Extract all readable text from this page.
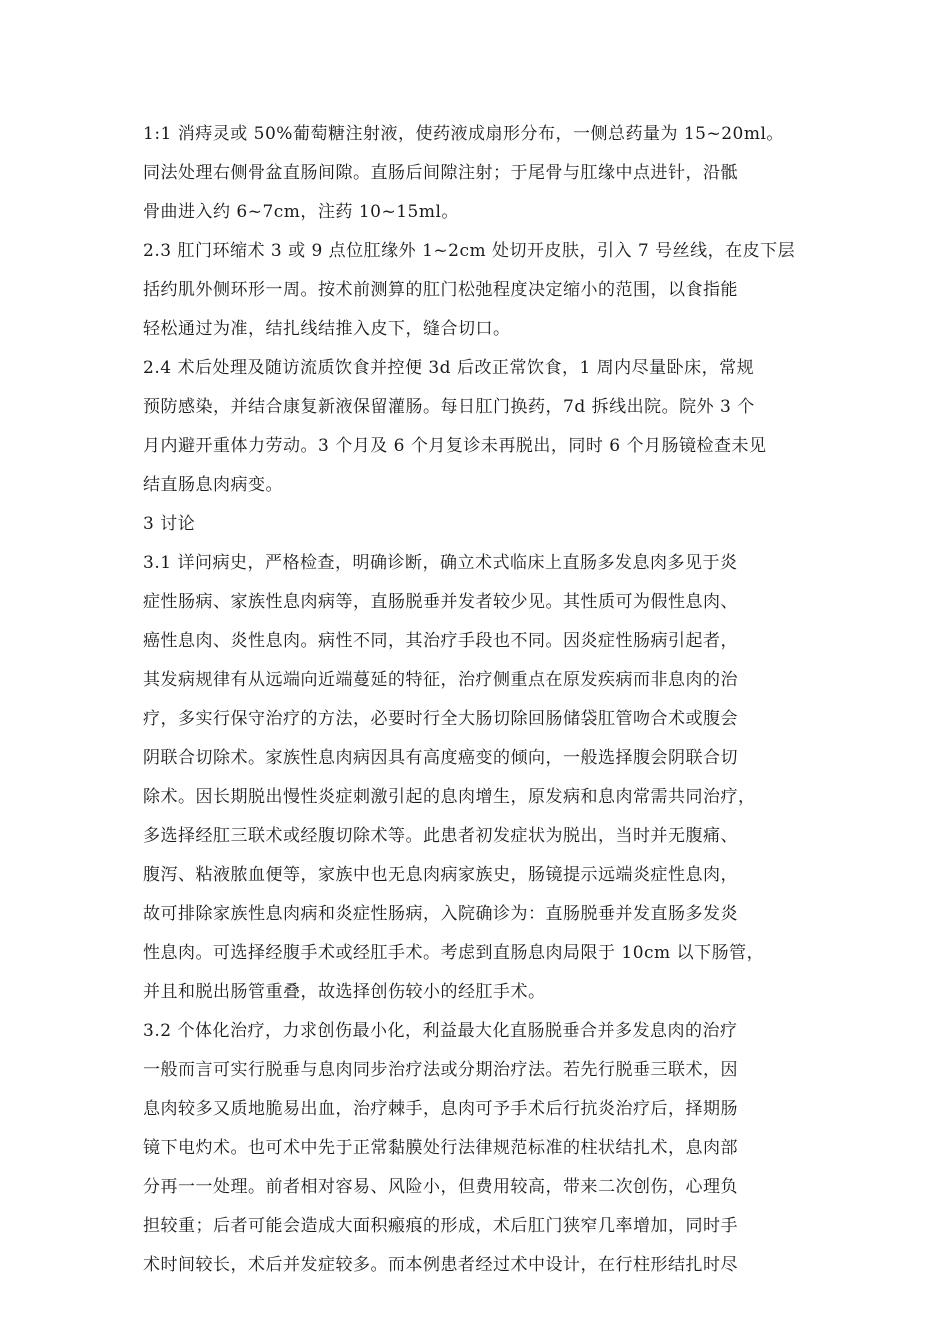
1:1 消痔灵或 50%葡萄糖注射液，使药液成扇形分布，一侧总药量为 15~20ml。
同法处理右侧骨盆直肠间隙。直肠后间隙注射；于尾骨与肛缘中点进针，沿骶
骨曲进入约 6~7cm，注药 10~15ml。
2.3 肛门环缩术 3 或 9 点位肛缘外 1~2cm 处切开皮肤，引入 7 号丝线，在皮下层
括约肌外侧环形一周。按术前测算的肛门松弛程度决定缩小的范围，以食指能
轻松通过为准，结扎线结推入皮下，缝合切口。
2.4 术后处理及随访流质饮食并控便 3d 后改正常饮食，1 周内尽量卧床，常规
预防感染，并结合康复新液保留灌肠。每日肛门换药，7d 拆线出院。院外 3 个
月内避开重体力劳动。3 个月及 6 个月复诊未再脱出，同时 6 个月肠镜检查未见
结直肠息肉病变。
3 讨论
3.1 详问病史，严格检查，明确诊断，确立术式临床上直肠多发息肉多见于炎
症性肠病、家族性息肉病等，直肠脱垂并发者较少见。其性质可为假性息肉、
癌性息肉、炎性息肉。病性不同，其治疗手段也不同。因炎症性肠病引起者，
其发病规律有从远端向近端蔓延的特征，治疗侧重点在原发疾病而非息肉的治
疗，多实行保守治疗的方法，必要时行全大肠切除回肠储袋肛管吻合术或腹会
阴联合切除术。家族性息肉病因具有高度癌变的倾向，一般选择腹会阴联合切
除术。因长期脱出慢性炎症刺激引起的息肉增生，原发病和息肉常需共同治疗，
多选择经肛三联术或经腹切除术等。此患者初发症状为脱出，当时并无腹痛、
腹泻、粘液脓血便等，家族中也无息肉病家族史，肠镜提示远端炎症性息肉，
故可排除家族性息肉病和炎症性肠病，入院确诊为：直肠脱垂并发直肠多发炎
性息肉。可选择经腹手术或经肛手术。考虑到直肠息肉局限于 10cm 以下肠管，
并且和脱出肠管重叠，故选择创伤较小的经肛手术。
3.2 个体化治疗，力求创伤最小化，利益最大化直肠脱垂合并多发息肉的治疗
一般而言可实行脱垂与息肉同步治疗法或分期治疗法。若先行脱垂三联术，因
息肉较多又质地脆易出血，治疗棘手，息肉可予手术后行抗炎治疗后，择期肠
镜下电灼术。也可术中先于正常黏膜处行法律规范标准的柱状结扎术，息肉部
分再一一处理。前者相对容易、风险小，但费用较高，带来二次创伤，心理负
担较重；后者可能会造成大面积瘢痕的形成，术后肛门狭窄几率增加，同时手
术时间较长，术后并发症较多。而本例患者经过术中设计，在行柱形结扎时尽
